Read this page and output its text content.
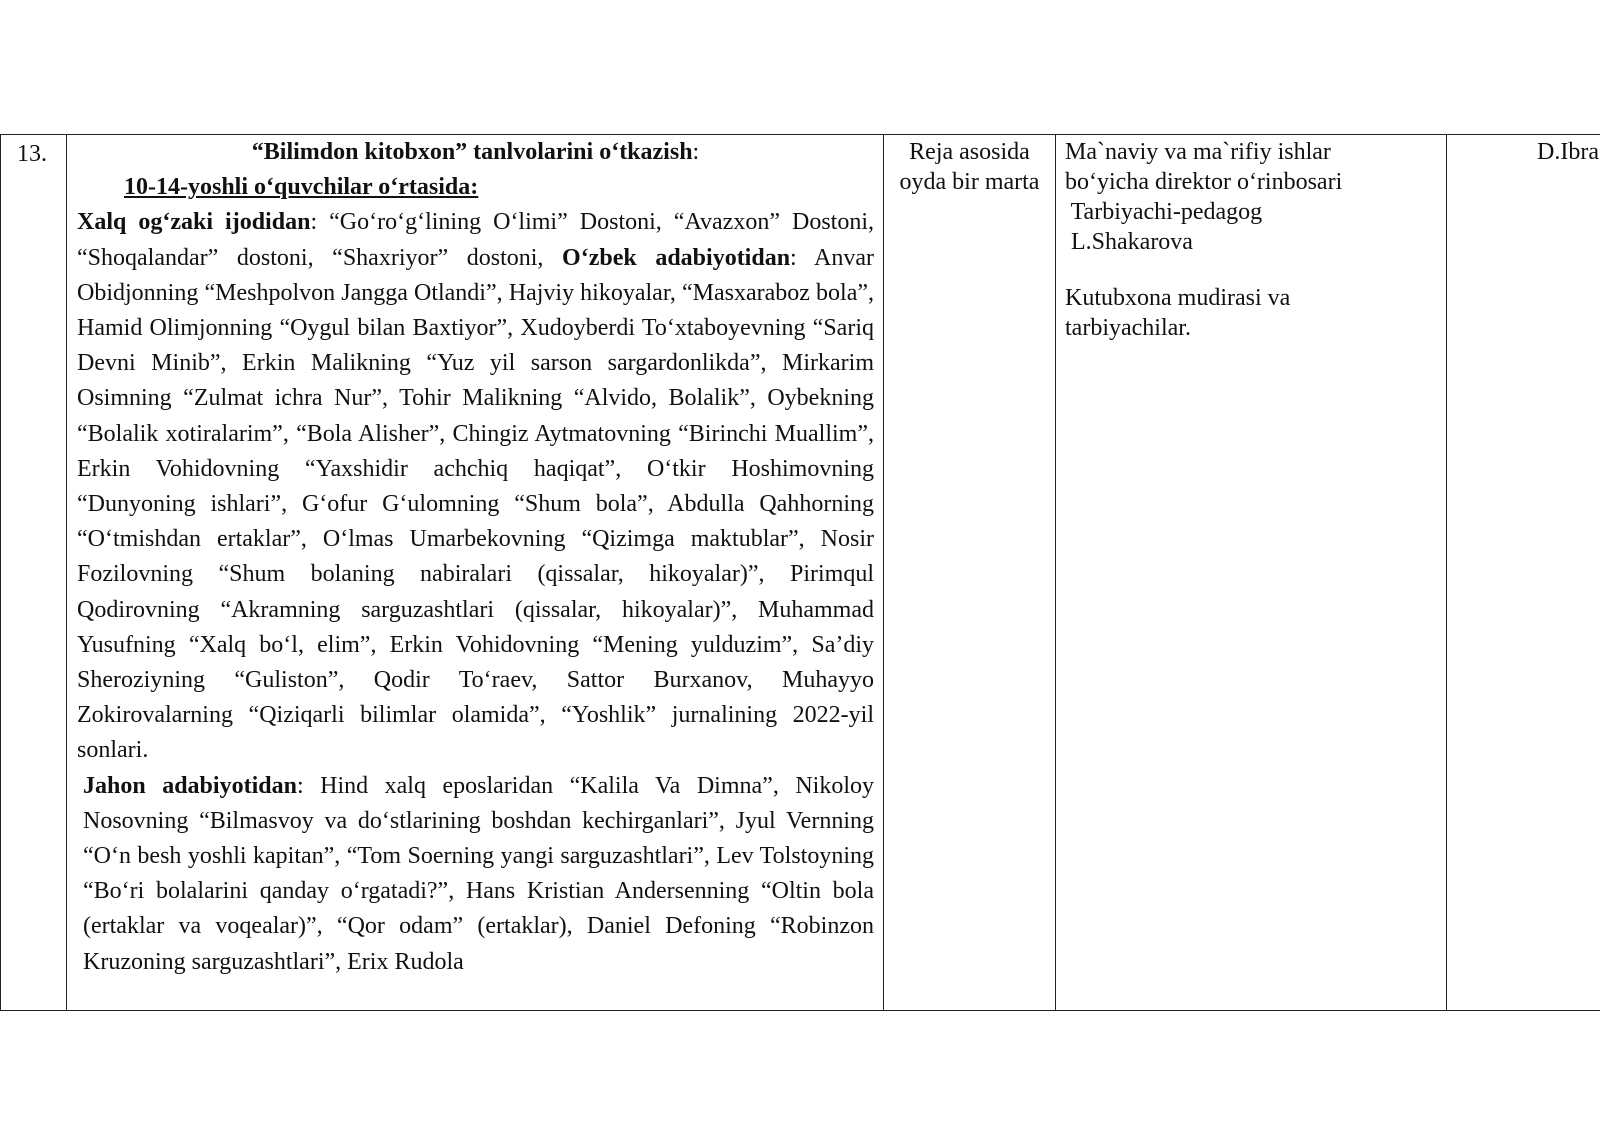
13.	“Bilimdon kitobxon” tanlvolarini o‘tkazish:

10-14-yoshli o‘quvchilar o‘rtasida:

Xalq og‘zaki ijodidan: “Go‘ro‘g‘lining O‘limi” Dostoni, “Avazxon” Dostoni, “Shoqalandar” dostoni, “Shaxriyor” dostoni, O‘zbek adabiyotidan: Anvar Obidjonning “Meshpolvon Jangga Otlandi”, Hajviy hikoyalar, “Masxaraboz bola”, Hamid Olimjonning “Oygul bilan Baxtiyor”, Xudoyberdi To‘xtaboyevning “Sariq Devni Minib”, Erkin Malikning “Yuz yil sarson sargardonlikda”, Mirkarim Osimning “Zulmat ichra Nur”, Tohir Malikning “Alvido, Bolalik”, Oybekning “Bolalik xotiralarim”, “Bola Alisher”, Chingiz Aytmatovning “Birinchi Muallim”, Erkin Vohidovning “Yaxshidir achchiq haqiqat”, O‘tkir Hoshimovning “Dunyoning ishlari”, G‘ofur G‘ulomning “Shum bola”, Abdulla Qahhorning “O‘tmishdan ertaklar”, O‘lmas Umarbekovning “Qizimga maktublar”, Nosir Fozilovning “Shum bolaning nabiralari (qissalar, hikoyalar)”, Pirimqul Qodirovning “Akramning sarguzashtlari (qissalar, hikoyalar)”, Muhammad Yusufning “Xalq bo‘l, elim”, Erkin Vohidovning “Mening yulduzim”, Sa’diy Sheroziyning “Guliston”, Qodir To‘raev, Sattor Burxanov, Muhayyo Zokirovalarning “Qiziqarli bilimlar olamida”, “Yoshlik” jurnalining 2022-yil sonlari.

Jahon adabiyotidan: Hind xalq eposlaridan “Kalila Va Dimna”, Nikoloy Nosovning “Bilmasvoy va do‘stlarining boshdan kechirganlari”, Jyul Vernning “O‘n besh yoshli kapitan”, “Tom Soerning yangi sarguzashtlari”, Lev Tolstoyning “Bo‘ri bolalarini qanday o‘rgatadi?”, Hans Kristian Andersenning “Oltin bola (ertaklar va voqealar)”, “Qor odam” (ertaklar), Daniel Defoning “Robinzon Kruzoning sarguzashtlari”, Erix Rudola

Reja asosida oyda bir marta
Ma`naviy va ma`rifiy ishlar
bo‘yicha direktor o‘rinbosari
Tarbiyachi-pedagog
L.Shakarova
Kutubxona mudirasi va
tarbiyachilar.
D.Ibra
